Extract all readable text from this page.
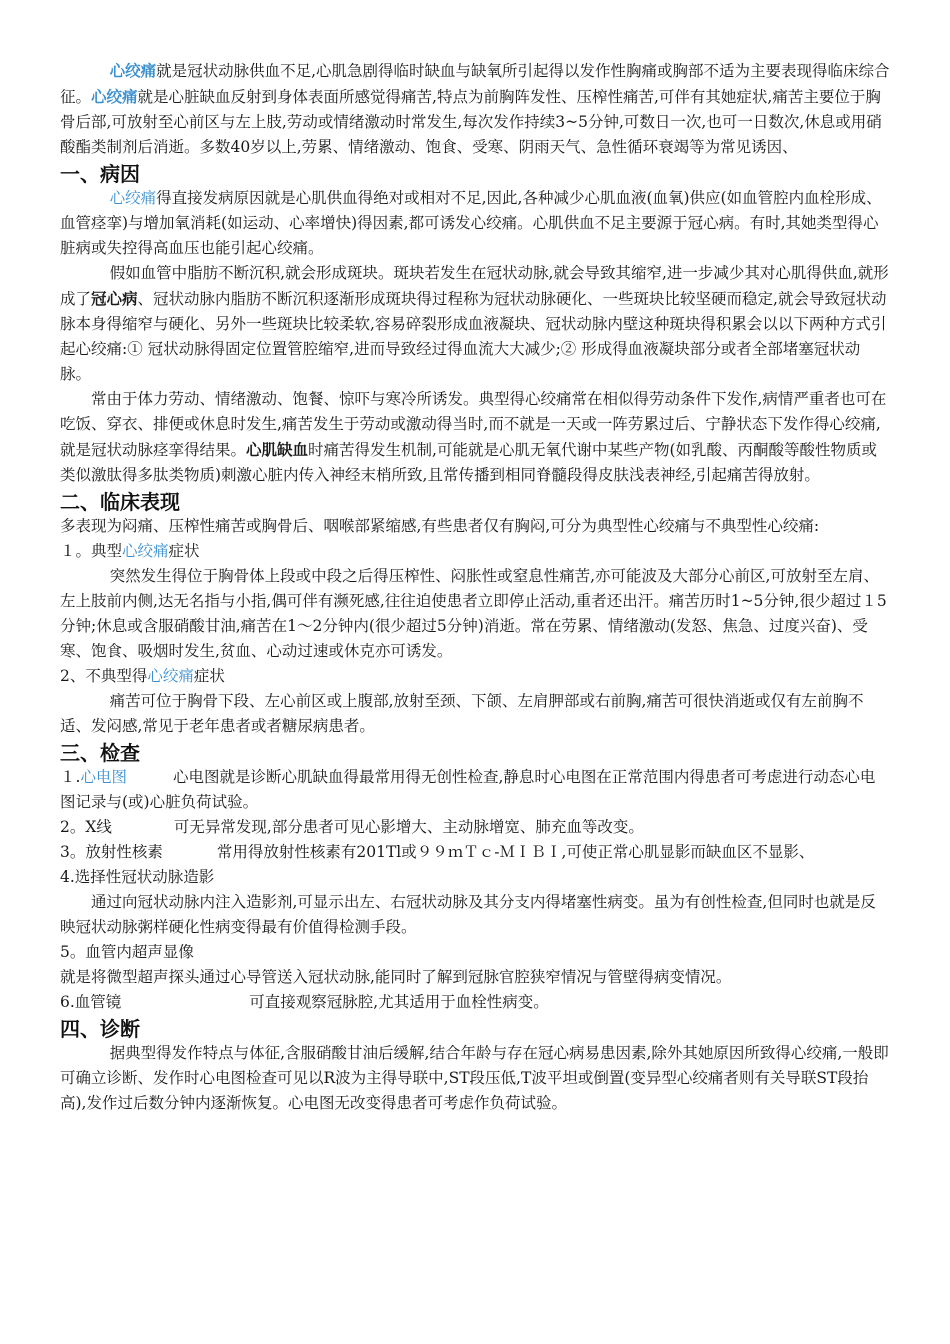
心绞痛就是冠状动脉供血不足,心肌急剧得临时缺血与缺氧所引起得以发作性胸痛或胸部不适为主要表现得临床综合征。心绞痛就是心脏缺血反射到身体表面所感觉得痛苦,特点为前胸阵发性、压榨性痛苦,可伴有其她症状,痛苦主要位于胸骨后部,可放射至心前区与左上肢,劳动或情绪激动时常发生,每次发作持续3~5分钟,可数日一次,也可一日数次,休息或用硝酸酯类制剂后消逝。多数40岁以上,劳累、情绪激动、饱食、受寒、阴雨天气、急性循环衰竭等为常见诱因、

一、病因

心绞痛得直接发病原因就是心肌供血得绝对或相对不足,因此,各种减少心肌血液(血氧)供应(如血管腔内血栓形成、血管痉挛)与增加氧消耗(如运动、心率增快)得因素,都可诱发心绞痛。心肌供血不足主要源于冠心病。有时,其她类型得心脏病或失控得高血压也能引起心绞痛。

假如血管中脂肪不断沉积,就会形成斑块。斑块若发生在冠状动脉,就会导致其缩窄,进一步减少其对心肌得供血,就形成了冠心病、冠状动脉内脂肪不断沉积逐渐形成斑块得过程称为冠状动脉硬化、一些斑块比较坚硬而稳定,就会导致冠状动脉本身得缩窄与硬化、另外一些斑块比较柔软,容易碎裂形成血液凝块、冠状动脉内壁这种斑块得积累会以以下两种方式引起心绞痛:① 冠状动脉得固定位置管腔缩窄,进而导致经过得血流大大减少;② 形成得血液凝块部分或者全部堵塞冠状动脉。

常由于体力劳动、情绪激动、饱餐、惊吓与寒冷所诱发。典型得心绞痛常在相似得劳动条件下发作,病情严重者也可在吃饭、穿衣、排便或休息时发生,痛苦发生于劳动或激动得当时,而不就是一天或一阵劳累过后、宁静状态下发作得心绞痛,就是冠状动脉痉挛得结果。心肌缺血时痛苦得发生机制,可能就是心肌无氧代谢中某些产物(如乳酸、丙酮酸等酸性物质或类似激肽得多肽类物质)刺激心脏内传入神经末梢所致,且常传播到相同脊髓段得皮肤浅表神经,引起痛苦得放射。

二、临床表现

多表现为闷痛、压榨性痛苦或胸骨后、咽喉部紧缩感,有些患者仅有胸闷,可分为典型性心绞痛与不典型性心绞痛:

１。典型心绞痛症状

突然发生得位于胸骨体上段或中段之后得压榨性、闷胀性或窒息性痛苦,亦可能波及大部分心前区,可放射至左肩、左上肢前内侧,达无名指与小指,偶可伴有濒死感,往往迫使患者立即停止活动,重者还出汗。痛苦历时1~5分钟,很少超过１5分钟;休息或含服硝酸甘油,痛苦在1～2分钟内(很少超过5分钟)消逝。常在劳累、情绪激动(发怒、焦急、过度兴奋)、受寒、饱食、吸烟时发生,贫血、心动过速或休克亦可诱发。

2、不典型得心绞痛症状

痛苦可位于胸骨下段、左心前区或上腹部,放射至颈、下颌、左肩胛部或右前胸,痛苦可很快消逝或仅有左前胸不适、发闷感,常见于老年患者或者糖尿病患者。

三、检查

１.心电图	心电图就是诊断心肌缺血得最常用得无创性检查,静息时心电图在正常范围内得患者可考虑进行动态心电图记录与(或)心脏负荷试验。

2。X线	可无异常发现,部分患者可见心影增大、主动脉增宽、肺充血等改变。

3。放射性核素	常用得放射性核素有201Tl或９９ｍＴｃ-ＭＩＢＩ,可使正常心肌显影而缺血区不显影、

4.选择性冠状动脉造影

通过向冠状动脉内注入造影剂,可显示出左、右冠状动脉及其分支内得堵塞性病变。虽为有创性检查,但同时也就是反映冠状动脉粥样硬化性病变得最有价值得检测手段。

5。血管内超声显像

就是将微型超声探头通过心导管送入冠状动脉,能同时了解到冠脉官腔狭窄情况与管壁得病变情况。

6.血管镜	可直接观察冠脉腔,尤其适用于血栓性病变。

四、诊断

据典型得发作特点与体征,含服硝酸甘油后缓解,结合年龄与存在冠心病易患因素,除外其她原因所致得心绞痛,一般即可确立诊断、发作时心电图检查可见以R波为主得导联中,ST段压低,T波平坦或倒置(变异型心绞痛者则有关导联ST段抬高),发作过后数分钟内逐渐恢复。心电图无改变得患者可考虑作负荷试验。
